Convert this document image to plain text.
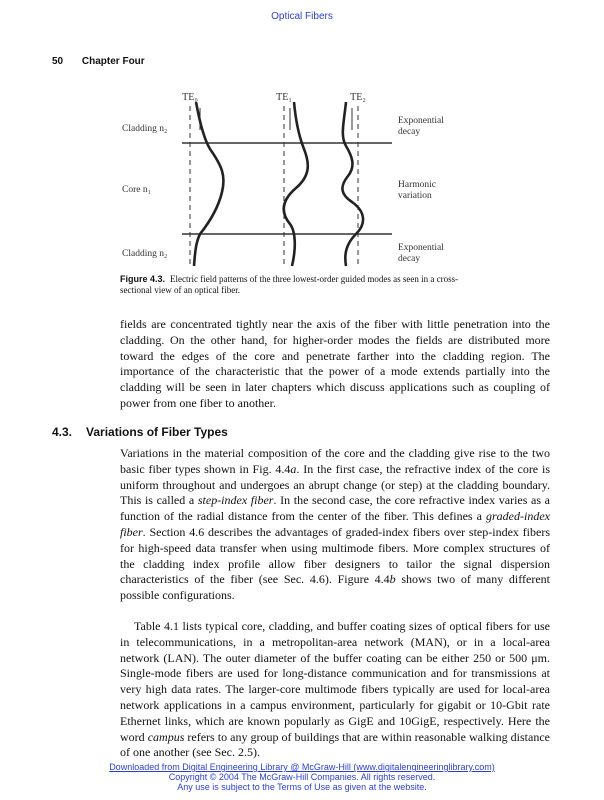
Optical Fibers
50 Chapter Four
TE₀	TE₁	TE₂
Cladding n₂
Core n₁
Cladding n₂
Exponential
decay
Harmonic
variation
Exponential
decay
Figure 4.3. Electric field patterns of the three lowest-order guided modes as seen in a cross-sectional view of an optical fiber.

fields are concentrated tightly near the axis of the fiber with little penetration into the cladding. On the other hand, for higher-order modes the fields are distributed more toward the edges of the core and penetrate farther into the cladding region. The importance of the characteristic that the power of a mode extends partially into the cladding will be seen in later chapters which discuss applications such as coupling of power from one fiber to another.

4.3. Variations of Fiber Types

Variations in the material composition of the core and the cladding give rise to the two basic fiber types shown in Fig. 4.4a. In the first case, the refractive index of the core is uniform throughout and undergoes an abrupt change (or step) at the cladding boundary. This is called a step-index fiber. In the second case, the core refractive index varies as a function of the radial distance from the center of the fiber. This defines a graded-index fiber. Section 4.6 describes the advantages of graded-index fibers over step-index fibers for high-speed data transfer when using multimode fibers. More complex structures of the cladding index profile allow fiber designers to tailor the signal dispersion characteristics of the fiber (see Sec. 4.6). Figure 4.4b shows two of many different possible configurations.

Table 4.1 lists typical core, cladding, and buffer coating sizes of optical fibers for use in telecommunications, in a metropolitan-area network (MAN), or in a local-area network (LAN). The outer diameter of the buffer coating can be either 250 or 500 μm. Single-mode fibers are used for long-distance communication and for transmissions at very high data rates. The larger-core multimode fibers typically are used for local-area network applications in a campus environment, particularly for gigabit or 10-Gbit rate Ethernet links, which are known popularly as GigE and 10GigE, respectively. Here the word campus refers to any group of buildings that are within reasonable walking distance of one another (see Sec. 2.5).

Downloaded from Digital Engineering Library @ McGraw-Hill (www.digitalengineeringlibrary.com)
Copyright © 2004 The McGraw-Hill Companies. All rights reserved.
Any use is subject to the Terms of Use as given at the website.
